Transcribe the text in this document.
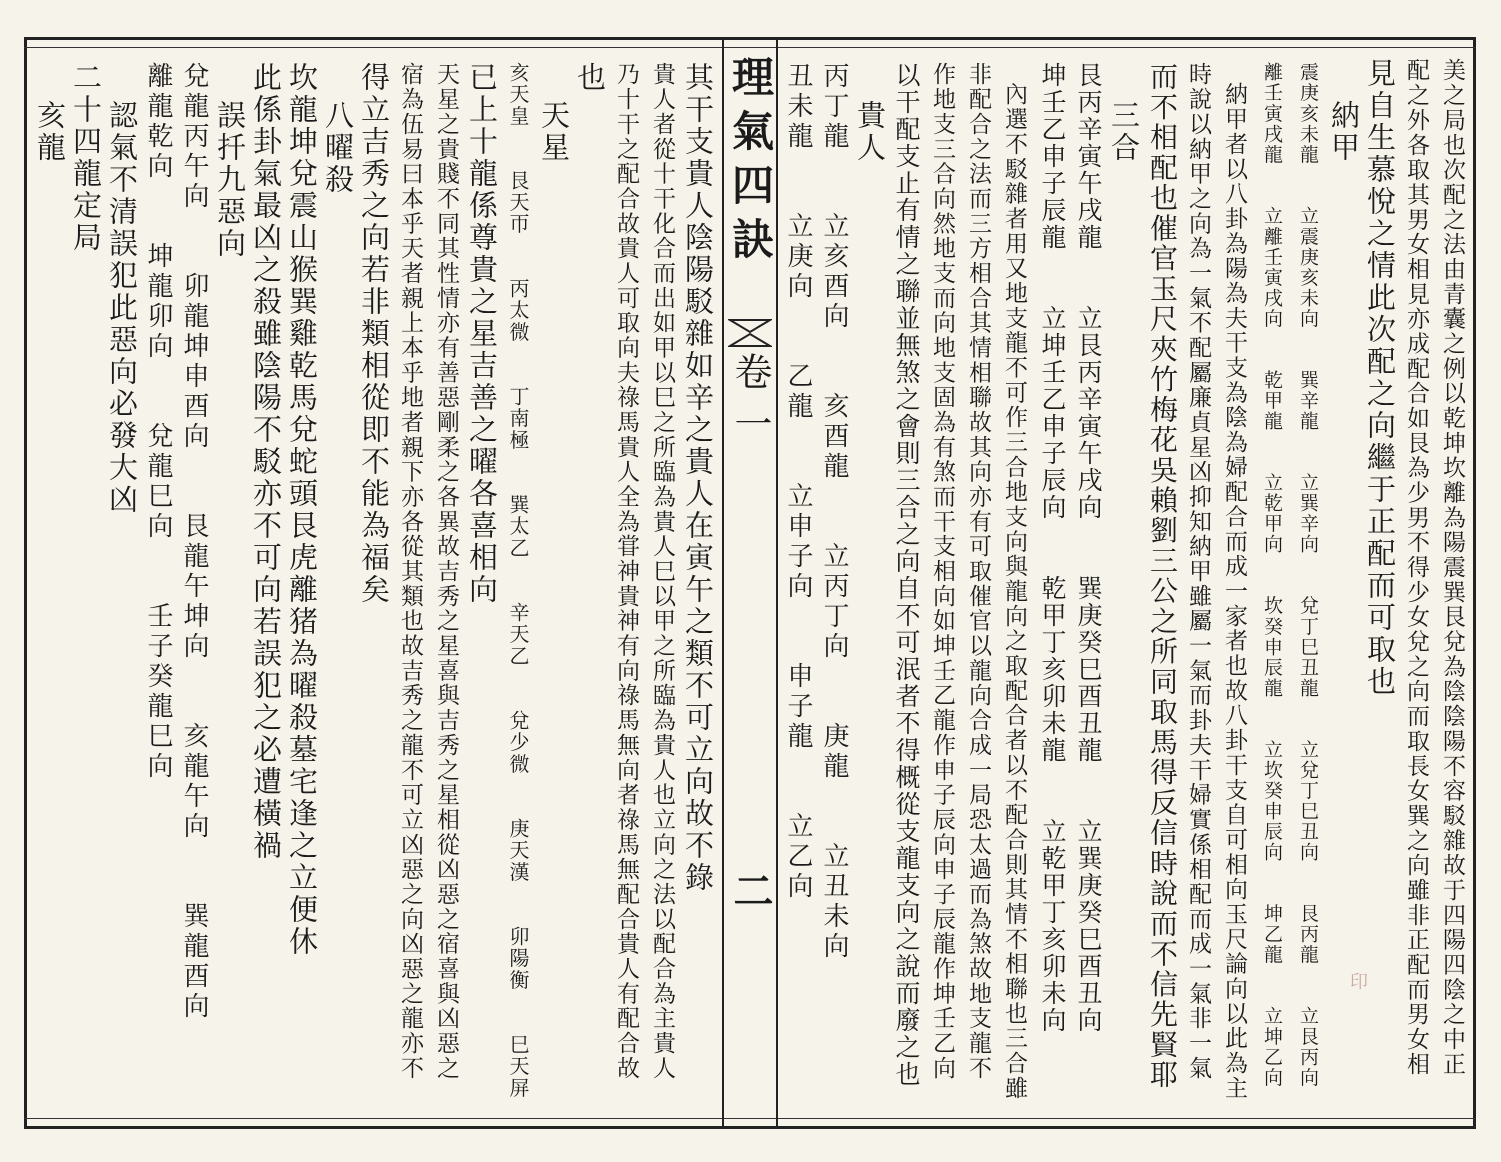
理氣四訣
卷一
二
印	美之局也次配之法由青囊之例以乾坤坎離為陽震巽艮兌為陰陰陽不容駁雜故于四陽四陰之中正
配之外各取其男女相見亦成配合如艮為少男不得少女兌之向而取長女巽之向雖非正配而男女相
見自生慕悅之情此次配之向繼于正配而可取也
納甲
震庚亥未龍　　立震庚亥未向　　巽辛龍　　立巽辛向　　兌丁巳丑龍　　立兌丁巳丑向　　艮丙龍　　立艮丙向
離壬寅戌龍　　立離壬寅戌向　　乾甲龍　　立乾甲向　　坎癸申辰龍　　立坎癸申辰向　　坤乙龍　　立坤乙向
納甲者以八卦為陽為夫干支為陰為婦配合而成一家者也故八卦干支自可相向玉尺論向以此為主
時說以納甲之向為一氣不配屬廉貞星凶抑知納甲雖屬一氣而卦夫干婦實係相配而成一氣非一氣
而不相配也催官玉尺夾竹梅花吳賴劉三公之所同取馬得反信時說而不信先賢耶
三合
艮丙辛寅午戌龍　　立艮丙辛寅午戌向　　巽庚癸巳酉丑龍　　立巽庚癸巳酉丑向
坤壬乙申子辰龍　　立坤壬乙申子辰向　　乾甲丁亥卯未龍　　立乾甲丁亥卯未向
內選不駁雜者用又地支龍不可作三合地支向與龍向之取配合者以不配合則其情不相聯也三合雖
非配合之法而三方相合其情相聯故其向亦有可取催官以龍向合成一局恐太過而為煞故地支龍不
作地支三合向然地支而向地支固為有煞而干支相向如坤壬乙龍作申子辰向申子辰龍作坤壬乙向
以干配支止有情之聯並無煞之會則三合之向自不可泯者不得概從支龍支向之說而廢之也
貴人
丙丁龍　　立亥酉向　　亥酉龍　　立丙丁向　　庚龍　　立丑未向
丑未龍　　立庚向　　乙龍　　立申子向　　申子龍　　立乙向
其干支貴人陰陽駁雜如辛之貴人在寅午之類不可立向故不錄
貴人者從十干化合而出如甲以巳之所臨為貴人巳以甲之所臨為貴人也立向之法以配合為主貴人
乃十干之配合故貴人可取向夫祿馬貴人全為甞神貴神有向祿馬無向者祿馬無配合貴人有配合故
也
天星
亥天皇　　艮天帀　　丙太微　　丁南極　　巽太乙　　辛天乙　　兌少微　　庚天漢　　卯陽衡　　巳天屏
已上十龍係尊貴之星吉善之曜各喜相向
天星之貴賤不同其性情亦有善惡剛柔之各異故吉秀之星喜與吉秀之星相從凶惡之宿喜與凶惡之
宿為伍易曰本乎天者親上本乎地者親下亦各從其類也故吉秀之龍不可立凶惡之向凶惡之龍亦不
得立吉秀之向若非類相從即不能為福矣
八曜殺
坎龍坤兌震山猴巽雞乾馬兌蛇頭艮虎離猪為曜殺墓宅逢之立便休
此係卦氣最凶之殺雖陰陽不駁亦不可向若誤犯之必遭橫禍
誤扦九惡向
兌龍丙午向　　卯龍坤申酉向　　艮龍午坤向　　亥龍午向　　巽龍酉向
離龍乾向　　坤龍卯向　　兌龍巳向　　壬子癸龍巳向
認氣不清誤犯此惡向必發大凶
二十四龍定局
亥龍
